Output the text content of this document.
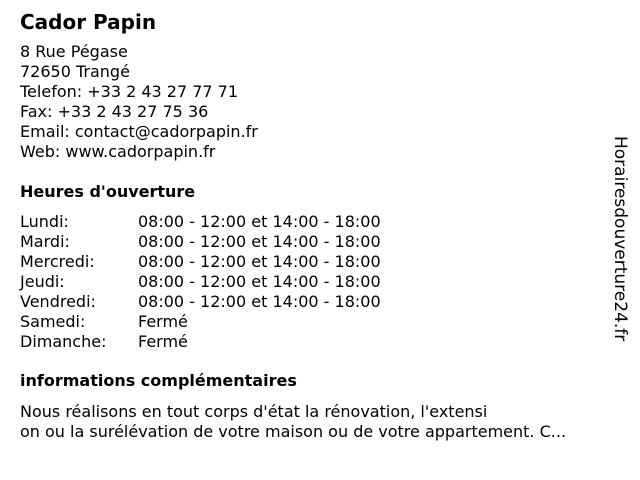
Cador Papin
8 Rue Pégase
72650 Trangé
Telefon: +33 2 43 27 77 71
Fax: +33 2 43 27 75 36
Email: contact@cadorpapin.fr
Web: www.cadorpapin.fr
Heures d'ouverture
Lundi:	08:00 - 12:00 et 14:00 - 18:00
Mardi:	08:00 - 12:00 et 14:00 - 18:00
Mercredi:	08:00 - 12:00 et 14:00 - 18:00
Jeudi:	08:00 - 12:00 et 14:00 - 18:00
Vendredi:	08:00 - 12:00 et 14:00 - 18:00
Samedi:	Fermé
Dimanche:	Fermé
informations complémentaires
Nous réalisons en tout corps d'état la rénovation, l'extensi
on ou la surélévation de votre maison ou de votre appartement. C...
Horairesdouverture24.fr
